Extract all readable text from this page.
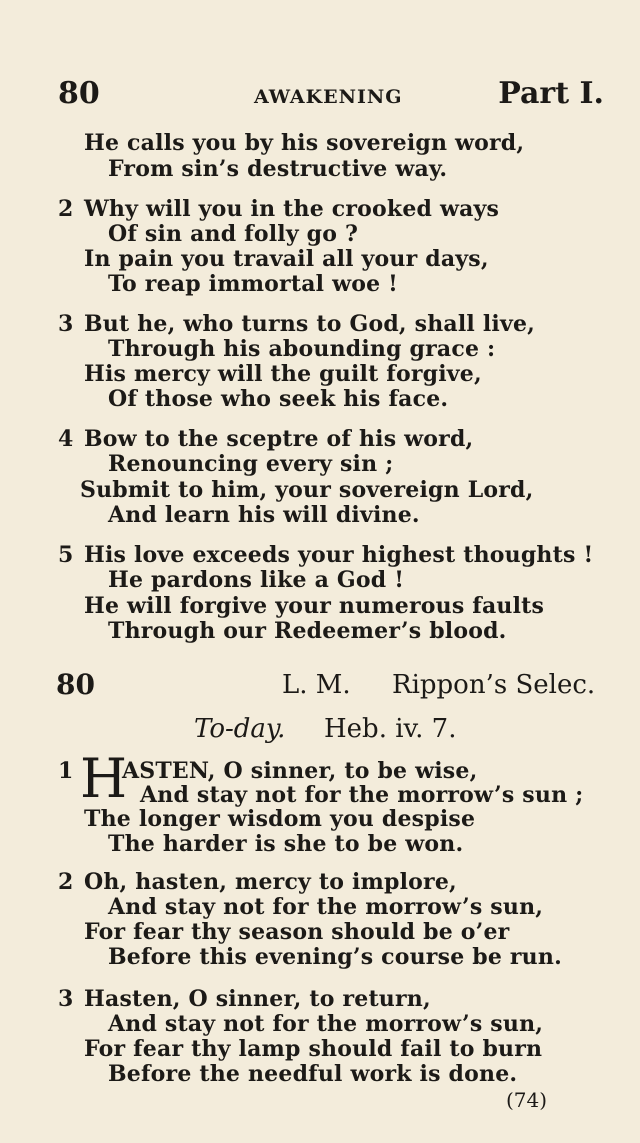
80	AWAKENING	Part I.
He calls you by his sovereign word,
From sin’s destructive way.
2 Why will you in the crooked ways
Of sin and folly go ?
In pain you travail all your days,
To reap immortal woe !
3 But he, who turns to God, shall live,
Through his abounding grace :
His mercy will the guilt forgive,
Of those who seek his face.
4 Bow to the sceptre of his word,
Renouncing every sin ;
Submit to him, your sovereign Lord,
And learn his will divine.
5 His love exceeds your highest thoughts !
He pardons like a God !
He will forgive your numerous faults
Through our Redeemer’s blood.
80	L. M. Rippon’s Selec.
To-day. Heb. iv. 7.
1 H
ASTEN, O sinner, to be wise,
And stay not for the morrow’s sun ;
The longer wisdom you despise
The harder is she to be won.
2 Oh, hasten, mercy to implore,
And stay not for the morrow’s sun,
For fear thy season should be o’er
Before this evening’s course be run.
3 Hasten, O sinner, to return,
And stay not for the morrow’s sun,
For fear thy lamp should fail to burn
Before the needful work is done.
(74)
